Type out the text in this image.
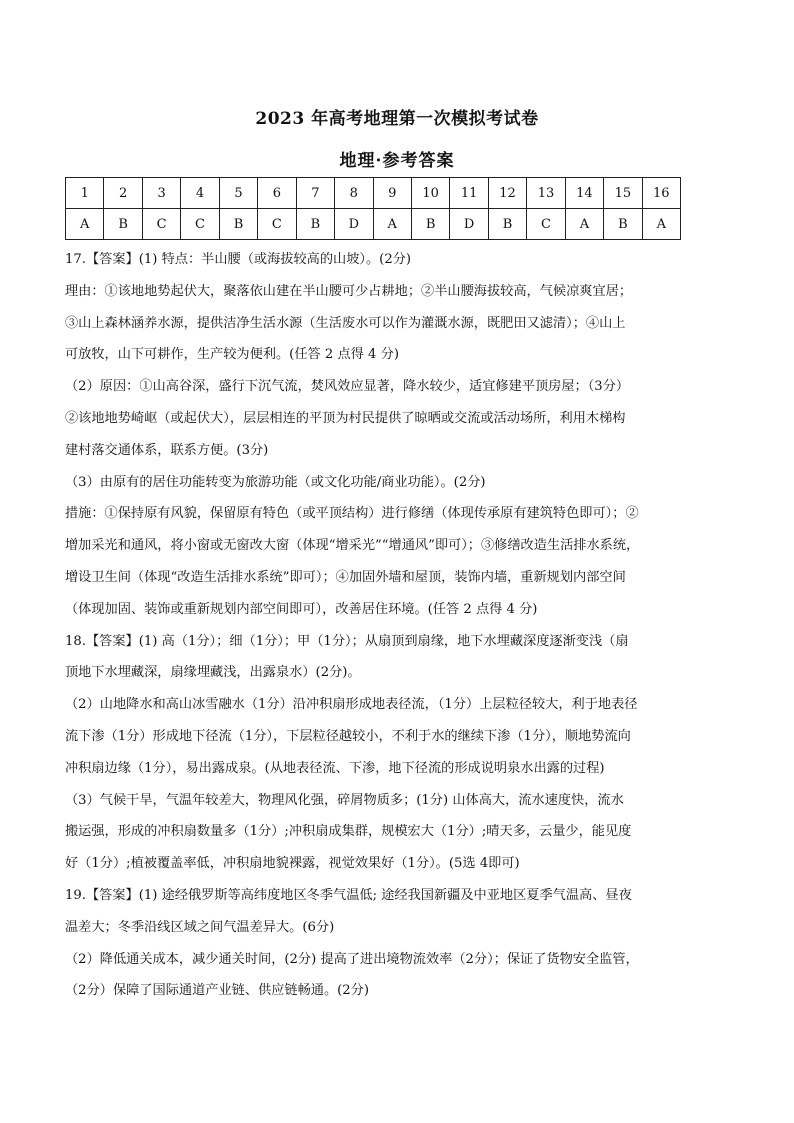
2023 年高考地理第一次模拟考试卷
地理·参考答案
1	2	3	4	5	6	7	8	9	10	11	12	13	14	15	16
A	B	C	C	B	C	B	D	A	B	D	B	C	A	B	A
17.【答案】(1) 特点：半山腰（或海拔较高的山坡）。(2分)
理由：①该地地势起伏大，聚落依山建在半山腰可少占耕地；②半山腰海拔较高，气候凉爽宜居；
③山上森林涵养水源，提供洁净生活水源（生活废水可以作为灌溉水源，既肥田又滤清）；④山上
可放牧，山下可耕作，生产较为便利。(任答 2 点得 4 分)
（2）原因：①山高谷深，盛行下沉气流，焚风效应显著，降水较少，适宜修建平顶房屋；（3分）
②该地地势崎岖（或起伏大），层层相连的平顶为村民提供了晾晒或交流或活动场所，利用木梯构
建村落交通体系，联系方便。(3分)
（3）由原有的居住功能转变为旅游功能（或文化功能/商业功能）。(2分)
措施：①保持原有风貌，保留原有特色（或平顶结构）进行修缮（体现传承原有建筑特色即可）；②
增加采光和通风，将小窗或无窗改大窗（体现“增采光”“增通风”即可）；③修缮改造生活排水系统，
增设卫生间（体现“改造生活排水系统”即可）；④加固外墙和屋顶，装饰内墙，重新规划内部空间
（体现加固、装饰或重新规划内部空间即可），改善居住环境。(任答 2 点得 4 分)
18.【答案】(1) 高（1分）；细（1分）；甲（1分）；从扇顶到扇缘，地下水埋藏深度逐渐变浅（扇
顶地下水埋藏深，扇缘埋藏浅，出露泉水）(2分)。
（2）山地降水和高山冰雪融水（1分）沿冲积扇形成地表径流，（1分）上层粒径较大，利于地表径
流下渗（1分）形成地下径流（1分），下层粒径越较小，不利于水的继续下渗（1分），顺地势流向
冲积扇边缘（1分），易出露成泉。(从地表径流、下渗，地下径流的形成说明泉水出露的过程)
（3）气候干旱，气温年较差大，物理风化强，碎屑物质多；(1分) 山体高大，流水速度快，流水
搬运强，形成的冲积扇数量多（1分）;冲积扇成集群，规模宏大（1分）;晴天多，云量少，能见度
好（1分）;植被覆盖率低，冲积扇地貌裸露，视觉效果好（1分）。(5选 4即可)
19.【答案】(1) 途经俄罗斯等高纬度地区冬季气温低; 途经我国新疆及中亚地区夏季气温高、昼夜
温差大；冬季沿线区域之间气温差异大。(6分)
（2）降低通关成本，减少通关时间，(2分) 提高了进出境物流效率（2分）；保证了货物安全监管，
（2分）保障了国际通道产业链、供应链畅通。(2分)
